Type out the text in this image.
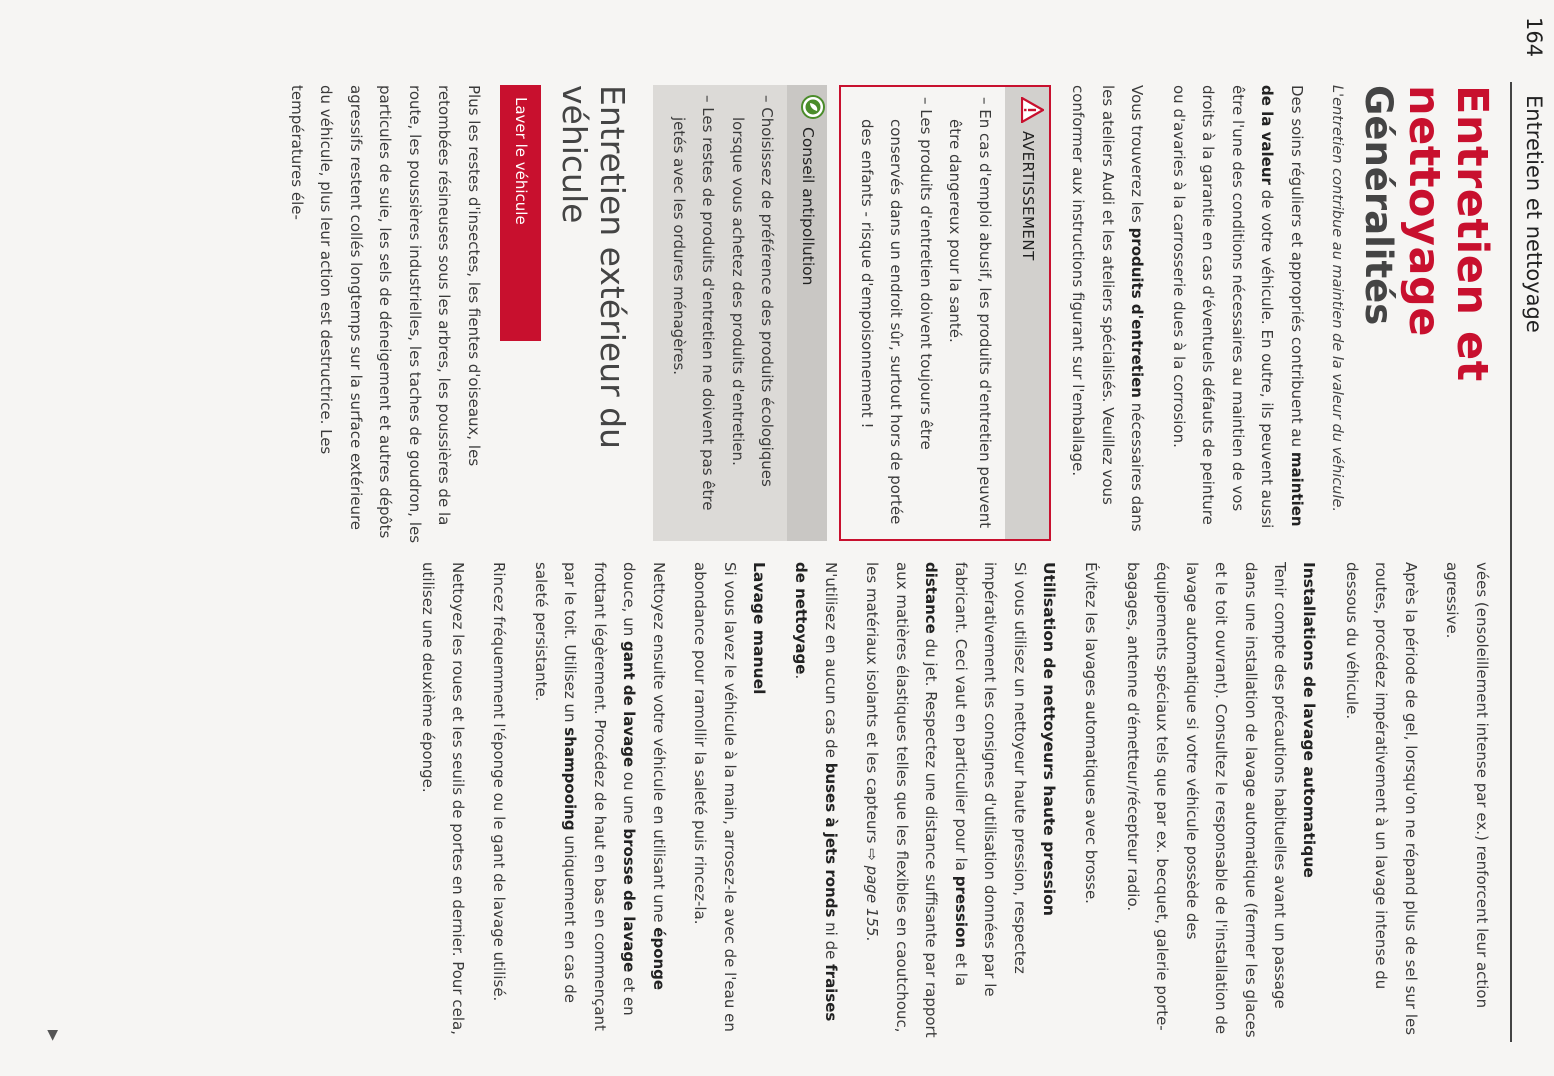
164
Entretien et nettoyage
Entretien et nettoyage
Généralités

L'entretien contribue au maintien de la valeur du véhicule.

Des soins réguliers et appropriés contribuent au maintien de la valeur de votre véhicule. En outre, ils peuvent aussi être l'une des conditions nécessaires au maintien de vos droits à la garantie en cas d'éventuels défauts de peinture ou d'avaries à la carrosserie dues à la corrosion.

Vous trouverez les produits d'entretien nécessaires dans les ateliers Audi et les ateliers spécialisés. Veuillez vous conformer aux instructions figurant sur l'emballage.

AVERTISSEMENT
– En cas d'emploi abusif, les produits d'entretien peuvent être dangereux pour la santé.
– Les produits d'entretien doivent toujours être conservés dans un endroit sûr, surtout hors de portée des enfants - risque d'empoisonnement !
Conseil antipollution
– Choisissez de préférence des produits écologiques lorsque vous achetez des produits d'entretien.
– Les restes de produits d'entretien ne doivent pas être jetés avec les ordures ménagères.
Entretien extérieur du véhicule
Laver le véhicule

Plus les restes d'insectes, les fientes d'oiseaux, les retombées résineuses sous les arbres, les poussières de la route, les poussières industrielles, les taches de goudron, les particules de suie, les sels de déneigement et autres dépôts agressifs restent collés longtemps sur la surface extérieure du véhicule, plus leur action est destructrice. Les températures éle-

vées (ensoleillement intense par ex.) renforcent leur action agressive.

Après la période de gel, lorsqu'on ne répand plus de sel sur les routes, procédez impérativement à un lavage intense du dessous du véhicule.

Installations de lavage automatique

Tenir compte des précautions habituelles avant un passage dans une installation de lavage automatique (fermer les glaces et le toit ouvrant). Consultez le responsable de l'installation de lavage automatique si votre véhicule possède des équipements spéciaux tels que par ex. becquet, galerie porte-bagages, antenne d'émetteur/récepteur radio.

Évitez les lavages automatiques avec brosse.

Utilisation de nettoyeurs haute pression

Si vous utilisez un nettoyeur haute pression, respectez impérativement les consignes d'utilisation données par le fabricant. Ceci vaut en particulier pour la pression et la distance du jet. Respectez une distance suffisante par rapport aux matières élastiques telles que les flexibles en caoutchouc, les matériaux isolants et les capteurs ⇨ page 155.

N'utilisez en aucun cas de buses à jets ronds ni de fraises de nettoyage.

Lavage manuel

Si vous lavez le véhicule à la main, arrosez-le avec de l'eau en abondance pour ramollir la saleté puis rincez-la.

Nettoyez ensuite votre véhicule en utilisant une éponge douce, un gant de lavage ou une brosse de lavage et en frottant légèrement. Procédez de haut en bas en commençant par le toit. Utilisez un shampooing uniquement en cas de saleté persistante.

Rincez fréquemment l'éponge ou le gant de lavage utilisé.

Nettoyez les roues et les seuils de portes en dernier. Pour cela, utilisez une deuxième éponge.

▶
